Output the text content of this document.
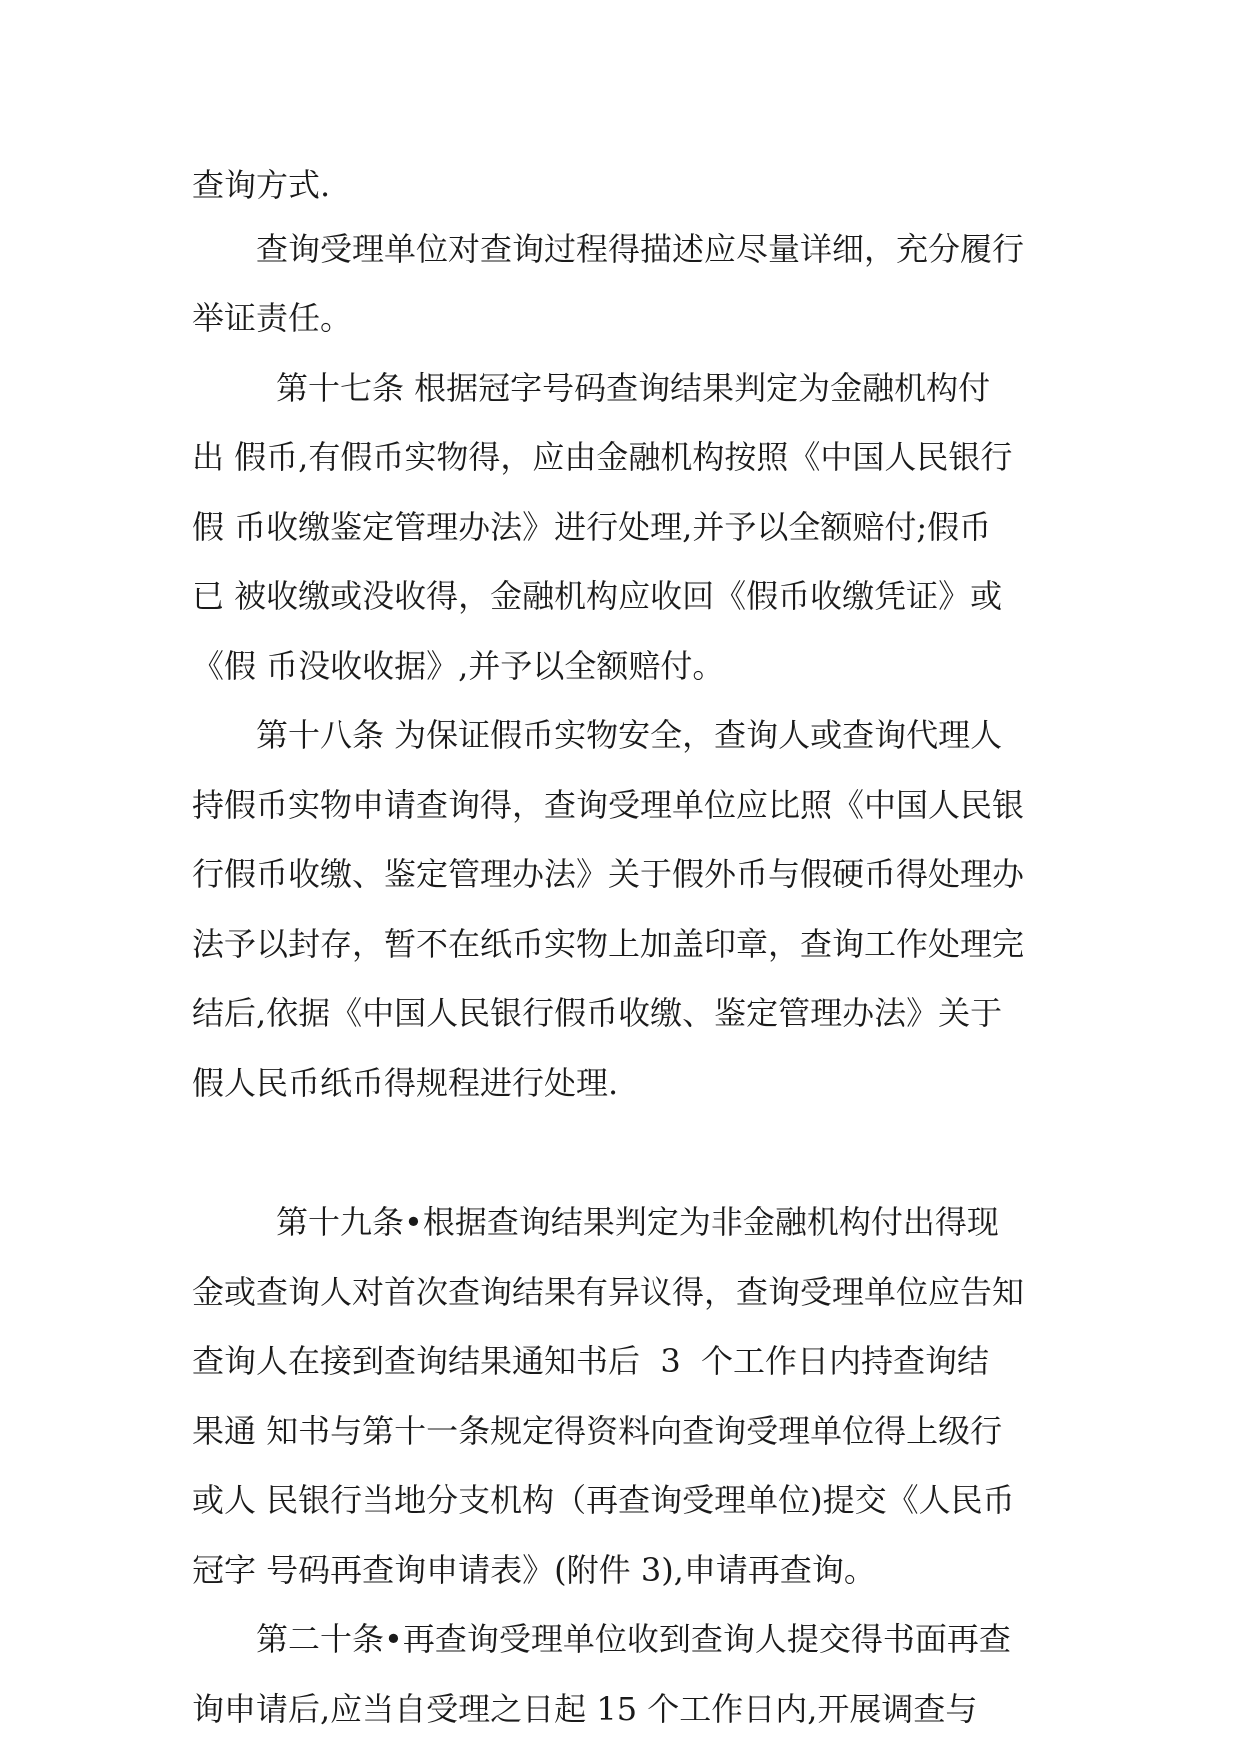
查询方式.
查询受理单位对查询过程得描述应尽量详细，充分履行
举证责任。
第十七条 根据冠字号码查询结果判定为金融机构付
出 假币,有假币实物得，应由金融机构按照《中国人民银行
假 币收缴鉴定管理办法》进行处理,并予以全额赔付;假币
已 被收缴或没收得，金融机构应收回《假币收缴凭证》或
《假 币没收收据》,并予以全额赔付。
第十八条 为保证假币实物安全，查询人或查询代理人
持假币实物申请查询得，查询受理单位应比照《中国人民银
行假币收缴、鉴定管理办法》关于假外币与假硬币得处理办
法予以封存，暂不在纸币实物上加盖印章，查询工作处理完
结后,依据《中国人民银行假币收缴、鉴定管理办法》关于
假人民币纸币得规程进行处理.
第十九条•根据查询结果判定为非金融机构付出得现
金或查询人对首次查询结果有异议得，查询受理单位应告知
查询人在接到查询结果通知书后  3  个工作日内持查询结
果通 知书与第十一条规定得资料向查询受理单位得上级行
或人 民银行当地分支机构（再查询受理单位)提交《人民币
冠字 号码再查询申请表》(附件 3),申请再查询。
第二十条•再查询受理单位收到查询人提交得书面再查
询申请后,应当自受理之日起 15 个工作日内,开展调查与
